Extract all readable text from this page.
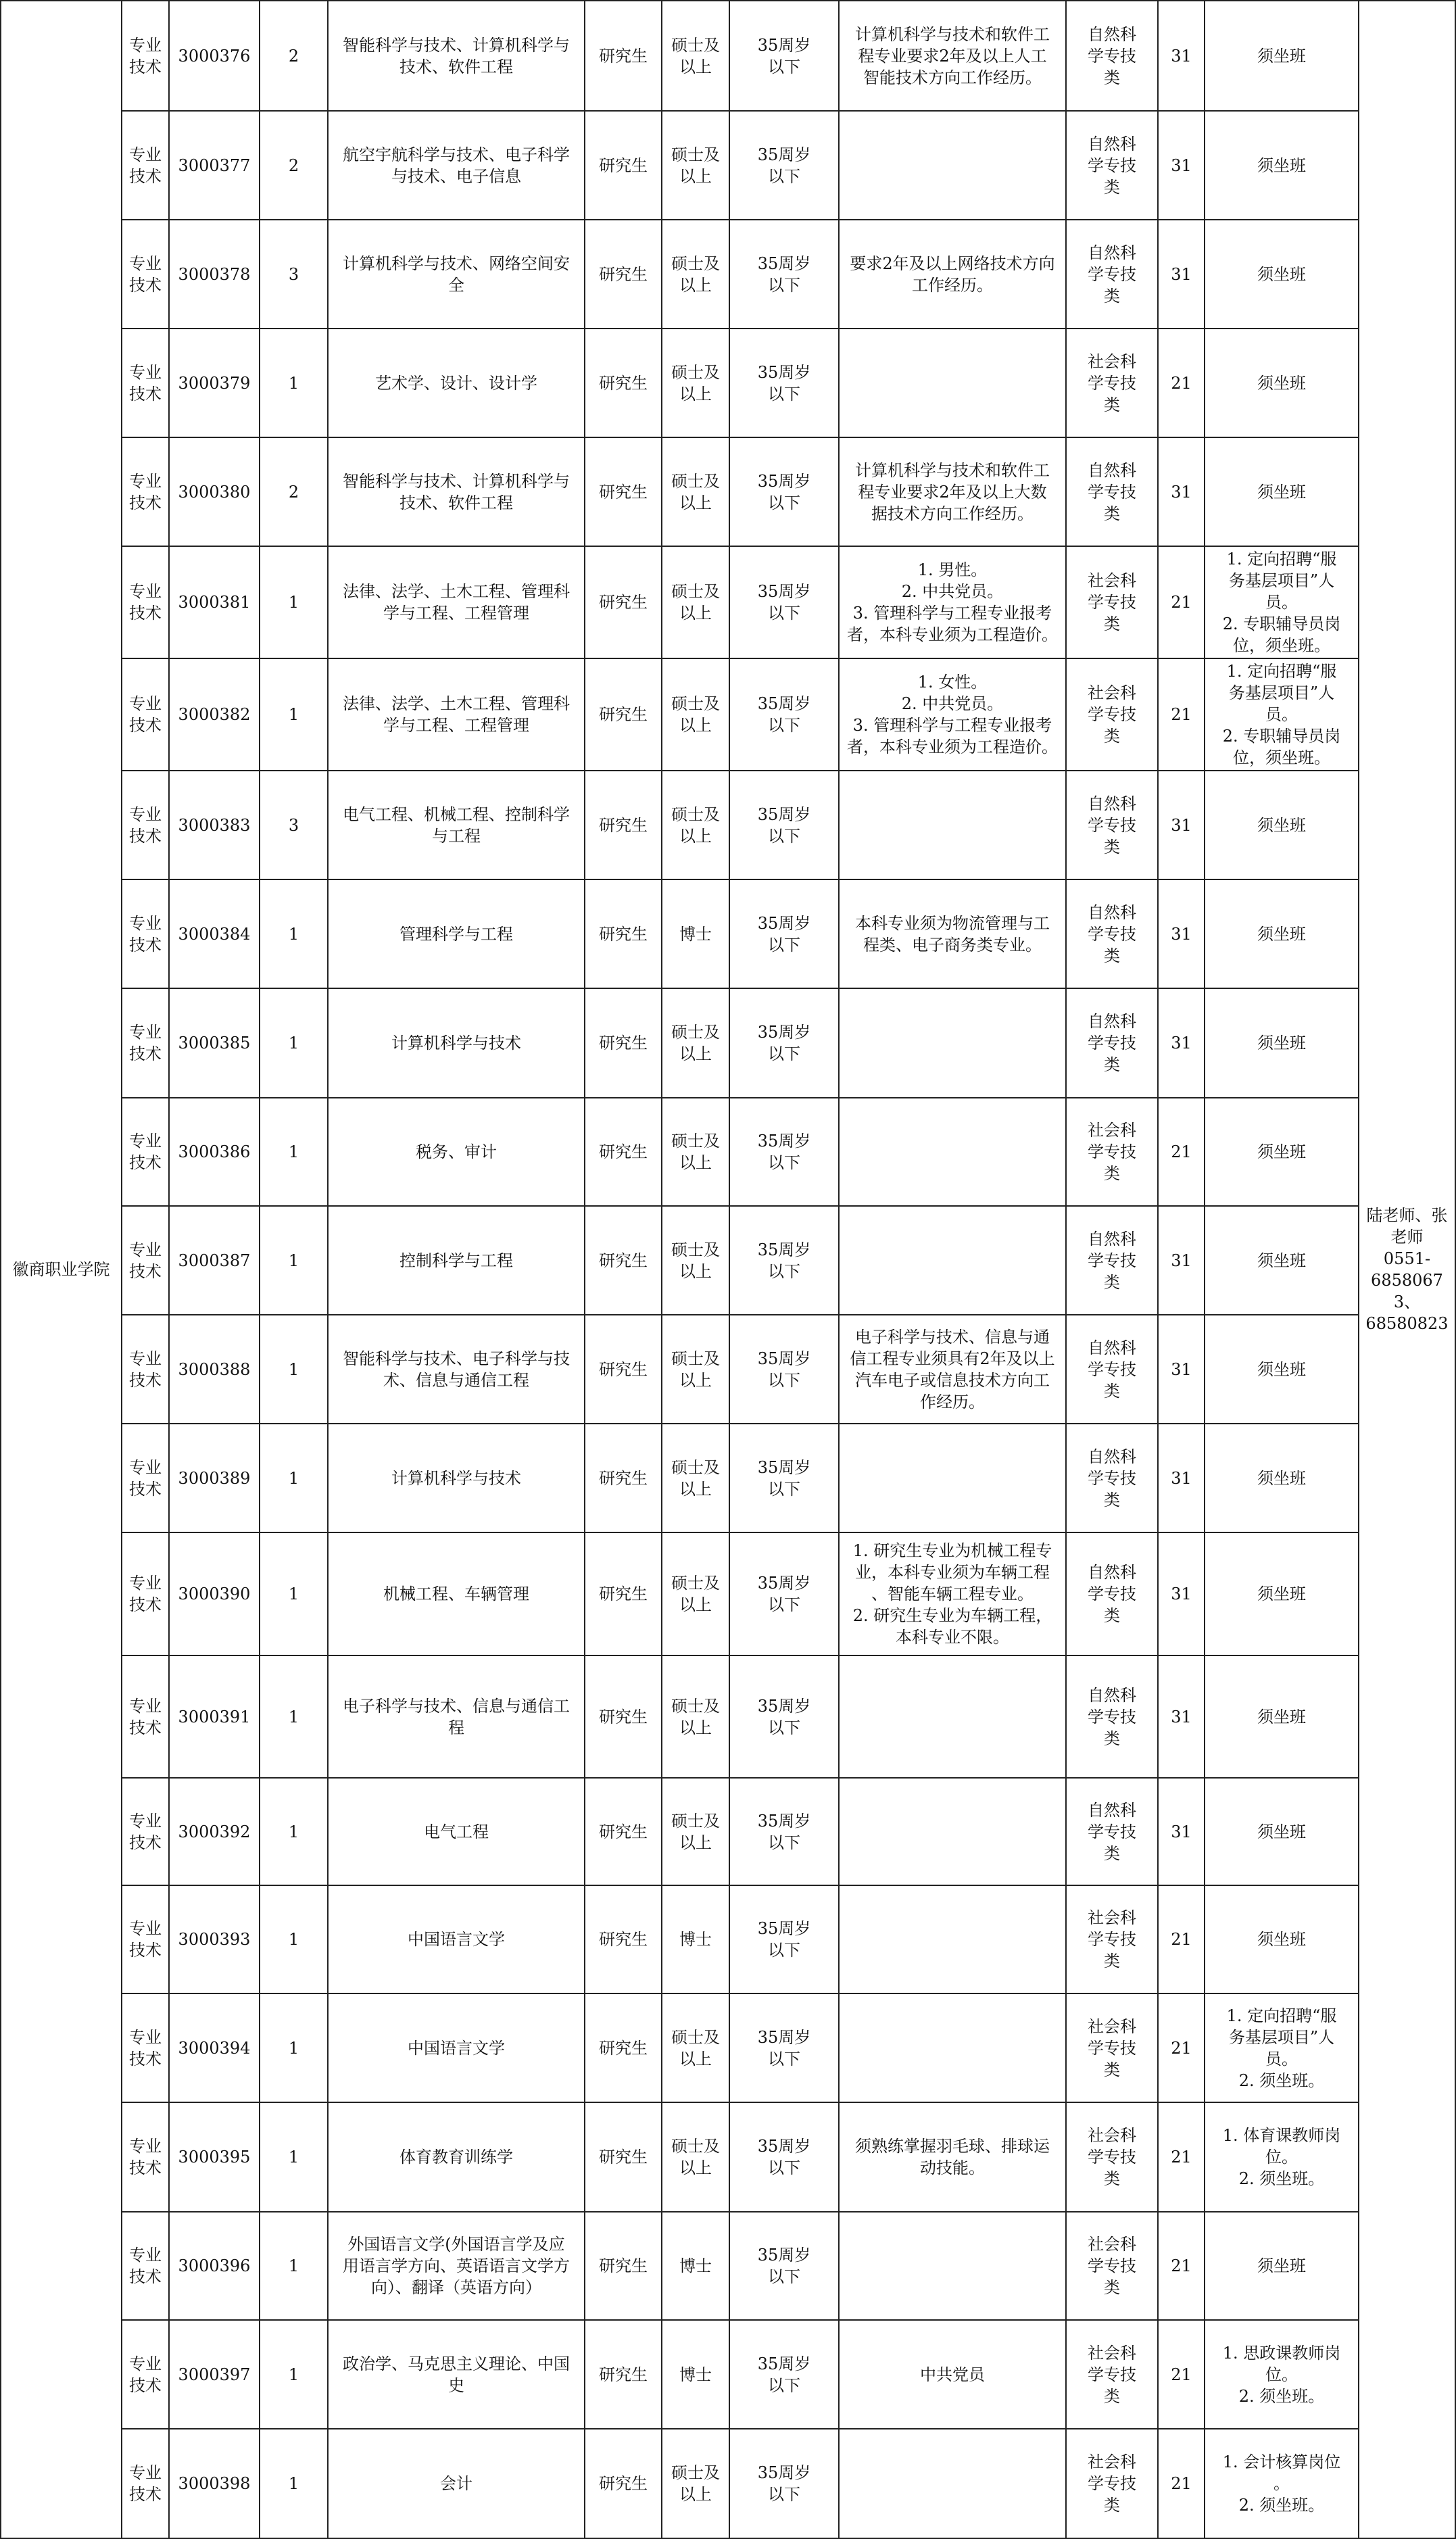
徽商职业学院	专业
技术	3000376	2	智能科学与技术、计算机科学与
技术、软件工程	研究生	硕士及
以上	35周岁
以下	计算机科学与技术和软件工
程专业要求2年及以上人工
智能技术方向工作经历。	自然科
学专技
类	31	须坐班	陆老师、张
老师
0551-
68580673、
68580823

	专业
技术	3000377	2	航空宇航科学与技术、电子科学
与技术、电子信息	研究生	硕士及
以上	35周岁
以下		自然科
学专技
类	31	须坐班	

	专业
技术	3000378	3	计算机科学与技术、网络空间安
全	研究生	硕士及
以上	35周岁
以下	要求2年及以上网络技术方向
工作经历。	自然科
学专技
类	31	须坐班	

	专业
技术	3000379	1	艺术学、设计、设计学	研究生	硕士及
以上	35周岁
以下		社会科
学专技
类	21	须坐班	

	专业
技术	3000380	2	智能科学与技术、计算机科学与
技术、软件工程	研究生	硕士及
以上	35周岁
以下	计算机科学与技术和软件工
程专业要求2年及以上大数
据技术方向工作经历。	自然科
学专技
类	31	须坐班	

	专业
技术	3000381	1	法律、法学、土木工程、管理科
学与工程、工程管理	研究生	硕士及
以上	35周岁
以下	1. 男性。
2. 中共党员。
3. 管理科学与工程专业报考
者，本科专业须为工程造价。	社会科
学专技
类	21	1. 定向招聘“服
务基层项目”人
员。
2. 专职辅导员岗
位，须坐班。	

	专业
技术	3000382	1	法律、法学、土木工程、管理科
学与工程、工程管理	研究生	硕士及
以上	35周岁
以下	1. 女性。
2. 中共党员。
3. 管理科学与工程专业报考
者，本科专业须为工程造价。	社会科
学专技
类	21	1. 定向招聘“服
务基层项目”人
员。
2. 专职辅导员岗
位，须坐班。	

	专业
技术	3000383	3	电气工程、机械工程、控制科学
与工程	研究生	硕士及
以上	35周岁
以下		自然科
学专技
类	31	须坐班	

	专业
技术	3000384	1	管理科学与工程	研究生	博士	35周岁
以下	本科专业须为物流管理与工
程类、电子商务类专业。	自然科
学专技
类	31	须坐班	

	专业
技术	3000385	1	计算机科学与技术	研究生	硕士及
以上	35周岁
以下		自然科
学专技
类	31	须坐班	

	专业
技术	3000386	1	税务、审计	研究生	硕士及
以上	35周岁
以下		社会科
学专技
类	21	须坐班	

	专业
技术	3000387	1	控制科学与工程	研究生	硕士及
以上	35周岁
以下		自然科
学专技
类	31	须坐班	

	专业
技术	3000388	1	智能科学与技术、电子科学与技
术、信息与通信工程	研究生	硕士及
以上	35周岁
以下	电子科学与技术、信息与通
信工程专业须具有2年及以上
汽车电子或信息技术方向工
作经历。	自然科
学专技
类	31	须坐班	

	专业
技术	3000389	1	计算机科学与技术	研究生	硕士及
以上	35周岁
以下		自然科
学专技
类	31	须坐班	

	专业
技术	3000390	1	机械工程、车辆管理	研究生	硕士及
以上	35周岁
以下	1. 研究生专业为机械工程专
业，本科专业须为车辆工程
、智能车辆工程专业。
2. 研究生专业为车辆工程，
本科专业不限。	自然科
学专技
类	31	须坐班	

	专业
技术	3000391	1	电子科学与技术、信息与通信工
程	研究生	硕士及
以上	35周岁
以下		自然科
学专技
类	31	须坐班	

	专业
技术	3000392	1	电气工程	研究生	硕士及
以上	35周岁
以下		自然科
学专技
类	31	须坐班	

	专业
技术	3000393	1	中国语言文学	研究生	博士	35周岁
以下		社会科
学专技
类	21	须坐班	

	专业
技术	3000394	1	中国语言文学	研究生	硕士及
以上	35周岁
以下		社会科
学专技
类	21	1. 定向招聘“服
务基层项目”人
员。
2. 须坐班。	

	专业
技术	3000395	1	体育教育训练学	研究生	硕士及
以上	35周岁
以下	须熟练掌握羽毛球、排球运
动技能。	社会科
学专技
类	21	1. 体育课教师岗
位。
2. 须坐班。	

	专业
技术	3000396	1	外国语言文学(外国语言学及应
用语言学方向、英语语言文学方
向）、翻译（英语方向）	研究生	博士	35周岁
以下		社会科
学专技
类	21	须坐班	

	专业
技术	3000397	1	政治学、马克思主义理论、中国
史	研究生	博士	35周岁
以下	中共党员	社会科
学专技
类	21	1. 思政课教师岗
位。
2. 须坐班。	

	专业
技术	3000398	1	会计	研究生	硕士及
以上	35周岁
以下		社会科
学专技
类	21	1. 会计核算岗位
。
2. 须坐班。	
